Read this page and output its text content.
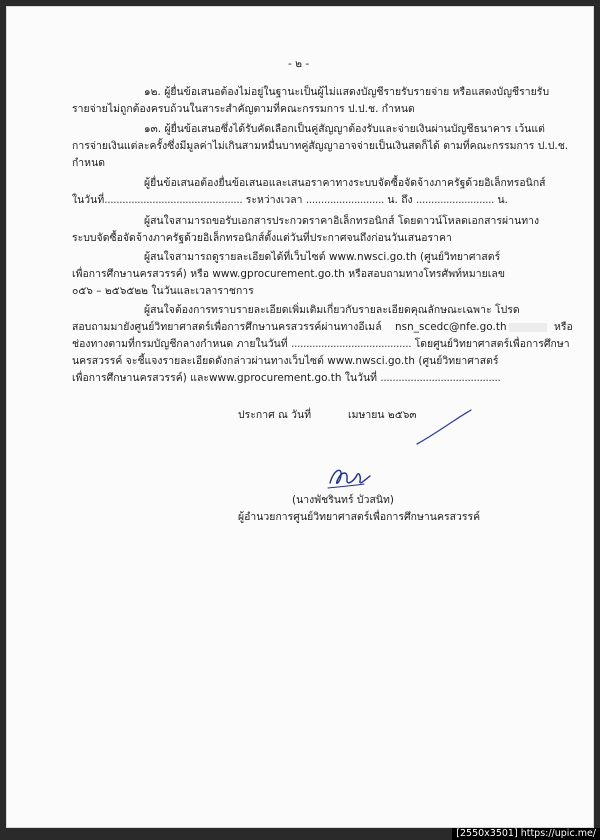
- ๒ -
๑๒. ผู้ยื่นข้อเสนอต้องไม่อยู่ในฐานะเป็นผู้ไม่แสดงบัญชีรายรับรายจ่าย หรือแสดงบัญชีรายรับ
รายจ่ายไม่ถูกต้องครบถ้วนในสาระสำคัญตามที่คณะกรรมการ ป.ป.ช. กำหนด
๑๓. ผู้ยื่นข้อเสนอซึ่งได้รับคัดเลือกเป็นคู่สัญญาต้องรับและจ่ายเงินผ่านบัญชีธนาคาร เว้นแต่
การจ่ายเงินแต่ละครั้งซึ่งมีมูลค่าไม่เกินสามหมื่นบาทคู่สัญญาอาจจ่ายเป็นเงินสดก็ได้ ตามที่คณะกรรมการ ป.ป.ช.
กำหนด
ผู้ยื่นข้อเสนอต้องยื่นข้อเสนอและเสนอราคาทางระบบจัดซื้อจัดจ้างภาครัฐด้วยอิเล็กทรอนิกส์
ในวันที่.............................................. ระหว่างเวลา .......................... น. ถึง .......................... น.
ผู้สนใจสามารถขอรับเอกสารประกวดราคาอิเล็กทรอนิกส์ โดยดาวน์โหลดเอกสารผ่านทาง
ระบบจัดซื้อจัดจ้างภาครัฐด้วยอิเล็กทรอนิกส์ตั้งแต่วันที่ประกาศจนถึงก่อนวันเสนอราคา
ผู้สนใจสามารถดูรายละเอียดได้ที่เว็บไซต์ www.nwsci.go.th (ศูนย์วิทยาศาสตร์
เพื่อการศึกษานครสวรรค์) หรือ www.gprocurement.go.th หรือสอบถามทางโทรศัพท์หมายเลข
๐๕๖ – ๒๕๖๕๒๒ ในวันและเวลาราชการ
ผู้สนใจต้องการทราบรายละเอียดเพิ่มเติมเกี่ยวกับรายละเอียดคุณลักษณะเฉพาะ โปรด
สอบถามมายังศูนย์วิทยาศาสตร์เพื่อการศึกษานครสวรรค์ผ่านทางอีเมล์ nsn_scedc@nfe.go.th	หรือ
ช่องทางตามที่กรมบัญชีกลางกำหนด ภายในวันที่ ........................................ โดยศูนย์วิทยาศาสตร์เพื่อการศึกษา
นครสวรรค์ จะชี้แจงรายละเอียดดังกล่าวผ่านทางเว็บไซต์ www.nwsci.go.th (ศูนย์วิทยาศาสตร์
เพื่อการศึกษานครสวรรค์) และwww.gprocurement.go.th ในวันที่ ........................................
ประกาศ ณ วันที่	เมษายน ๒๕๖๓
(นางพัชรินทร์ บัวสนิท)
ผู้อำนวยการศูนย์วิทยาศาสตร์เพื่อการศึกษานครสวรรค์
[2550x3501] https://upic.me/
